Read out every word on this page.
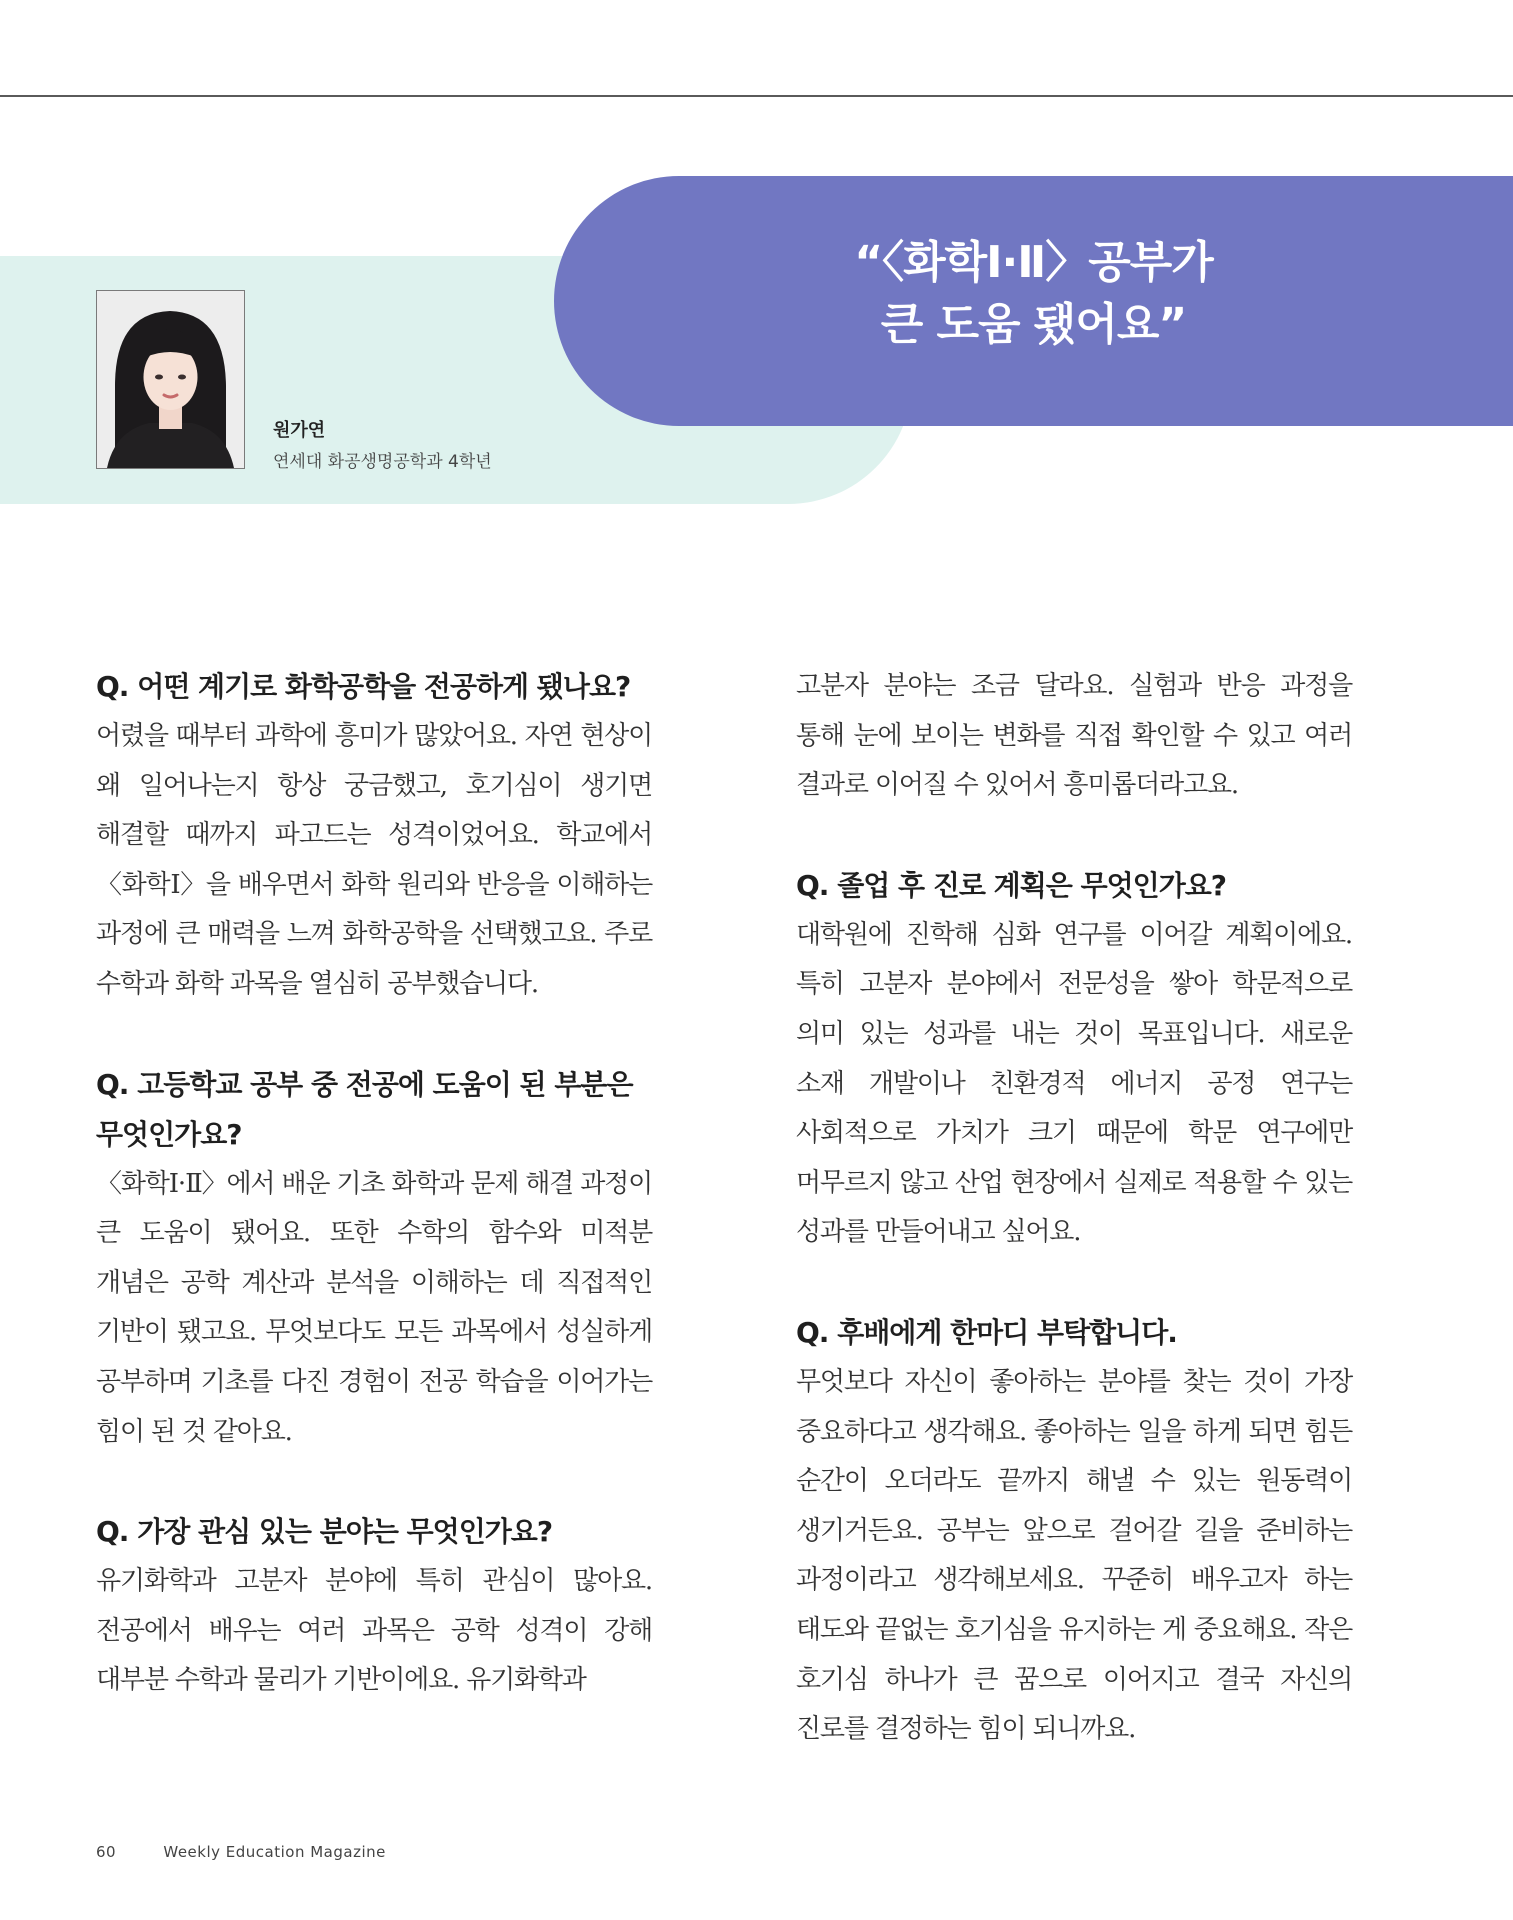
“〈화학Ⅰ·Ⅱ〉공부가
큰 도움 됐어요”

원가연

연세대 화공생명공학과 4학년

Q. 어떤 계기로 화학공학을 전공하게 됐나요?

어렸을 때부터 과학에 흥미가 많았어요. 자연 현상이 왜 일어나는지 항상 궁금했고, 호기심이 생기면 해결할 때까지 파고드는 성격이었어요. 학교에서 〈화학Ⅰ〉을 배우면서 화학 원리와 반응을 이해하는 과정에 큰 매력을 느껴 화학공학을 선택했고요. 주로 수학과 화학 과목을 열심히 공부했습니다.

Q. 고등학교 공부 중 전공에 도움이 된 부분은 무엇인가요?

〈화학Ⅰ·Ⅱ〉에서 배운 기초 화학과 문제 해결 과정이 큰 도움이 됐어요. 또한 수학의 함수와 미적분 개념은 공학 계산과 분석을 이해하는 데 직접적인 기반이 됐고요. 무엇보다도 모든 과목에서 성실하게 공부하며 기초를 다진 경험이 전공 학습을 이어가는 힘이 된 것 같아요.

Q. 가장 관심 있는 분야는 무엇인가요?

유기화학과 고분자 분야에 특히 관심이 많아요. 전공에서 배우는 여러 과목은 공학 성격이 강해 대부분 수학과 물리가 기반이에요. 유기화학과

고분자 분야는 조금 달라요. 실험과 반응 과정을 통해 눈에 보이는 변화를 직접 확인할 수 있고 여러 결과로 이어질 수 있어서 흥미롭더라고요.

Q. 졸업 후 진로 계획은 무엇인가요?

대학원에 진학해 심화 연구를 이어갈 계획이에요. 특히 고분자 분야에서 전문성을 쌓아 학문적으로 의미 있는 성과를 내는 것이 목표입니다. 새로운 소재 개발이나 친환경적 에너지 공정 연구는 사회적으로 가치가 크기 때문에 학문 연구에만 머무르지 않고 산업 현장에서 실제로 적용할 수 있는 성과를 만들어내고 싶어요.

Q. 후배에게 한마디 부탁합니다.

무엇보다 자신이 좋아하는 분야를 찾는 것이 가장 중요하다고 생각해요. 좋아하는 일을 하게 되면 힘든 순간이 오더라도 끝까지 해낼 수 있는 원동력이 생기거든요. 공부는 앞으로 걸어갈 길을 준비하는 과정이라고 생각해보세요. 꾸준히 배우고자 하는 태도와 끝없는 호기심을 유지하는 게 중요해요. 작은 호기심 하나가 큰 꿈으로 이어지고 결국 자신의 진로를 결정하는 힘이 되니까요.

60	Weekly Education Magazine
